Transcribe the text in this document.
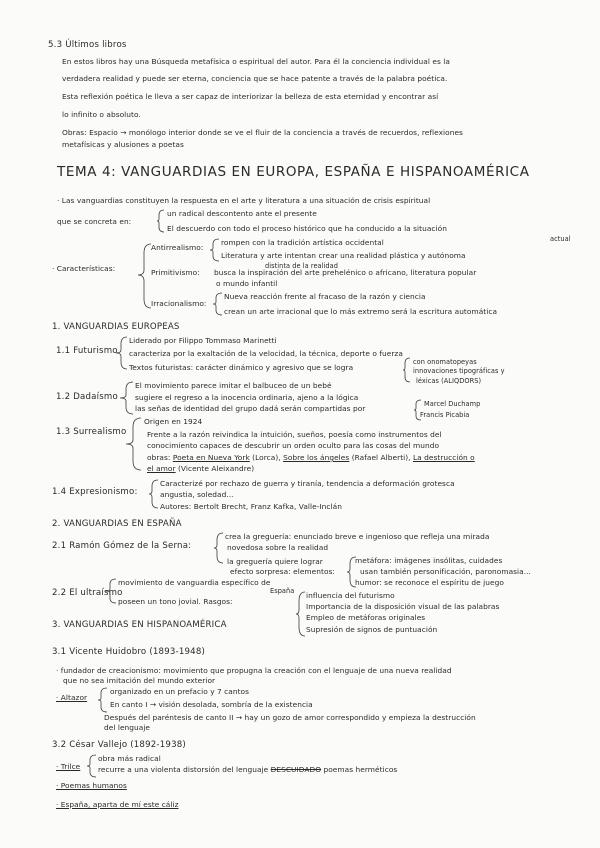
5.3 Últimos libros
En estos libros hay una Búsqueda metafísica o espiritual del autor. Para él la conciencia individual es la
verdadera realidad y puede ser eterna, conciencia que se hace patente a través de la palabra poética.
Esta reflexión poética le lleva a ser capaz de interiorizar la belleza de esta eternidad y encontrar así
lo infinito o absoluto.
Obras: Espacio → monólogo interior donde se ve el fluir de la conciencia a través de recuerdos, reflexiones
metafísicas y alusiones a poetas
TEMA 4: VANGUARDIAS EN EUROPA, ESPAÑA E HISPANOAMÉRICA
· Las vanguardias constituyen la respuesta en el arte y literatura a una situación de crisis espiritual
que se concreta en:
un radical descontento ante el presente
El descuerdo con todo el proceso histórico que ha conducido a la situación
actual
· Características:
Antirrealismo:
rompen con la tradición artística occidental
Literatura y arte intentan crear una realidad plástica y autónoma
distinta de la realidad
Primitivismo: busca la inspiración del arte prehelénico o africano, literatura popular
o mundo infantil
Irracionalismo:
Nueva reacción frente al fracaso de la razón y ciencia
crean un arte irracional que lo más extremo será la escritura automática
1. VANGUARDIAS EUROPEAS
Liderado por Filippo Tommaso Marinetti
1.1 Futurismo caracteriza por la exaltación de la velocidad, la técnica, deporte o fuerza
Textos futuristas: carácter dinámico y agresivo que se logra
con onomatopeyas
innovaciones tipográficas y
léxicas (ALIQDORS)
El movimiento parece imitar el balbuceo de un bebé
1.2 Dadaísmo sugiere el regreso a la inocencia ordinaria, ajeno a la lógica
las señas de identidad del grupo dadá serán compartidas por	Marcel Duchamp
Francis Picabia
Origen en 1924
1.3 Surrealismo	Frente a la razón reivindica la intuición, sueños, poesía como instrumentos del
conocimiento capaces de descubrir un orden oculto para las cosas del mundo
obras: Poeta en Nueva York (Lorca), Sobre los ángeles (Rafael Alberti), La destrucción o
el amor (Vicente Aleixandre)
1.4 Expresionismo:
Caracterizé por rechazo de guerra y tiranía, tendencia a deformación grotesca
angustia, soledad...
Autores: Bertolt Brecht, Franz Kafka, Valle-Inclán
2. VANGUARDIAS EN ESPAÑA
2.1 Ramón Gómez de la Serna:
crea la greguería: enunciado breve e ingenioso que refleja una mirada
novedosa sobre la realidad
la greguería quiere lograr
efecto sorpresa: elementos:
metáfora: imágenes insólitas, cuidades
usan también personificación, paronomasia...
humor: se reconoce el espíritu de juego
2.2 El ultraísmo
movimiento de vanguardia específico de
España
poseen un tono jovial. Rasgos:
influencia del futurismo
Importancia de la disposición visual de las palabras
Empleo de metáforas originales
Supresión de signos de puntuación
3. VANGUARDIAS EN HISPANOAMÉRICA
3.1 Vicente Huidobro (1893-1948)
· fundador de creacionismo: movimiento que propugna la creación con el lenguaje de una nueva realidad
que no sea imitación del mundo exterior
· Altazor
organizado en un prefacio y 7 cantos
En canto I → visión desolada, sombría de la existencia
Después del paréntesis de canto II → hay un gozo de amor correspondido y empieza la destrucción
del lenguaje
3.2 César Vallejo (1892-1938)
· Trilce
obra más radical
recurre a una violenta distorsión del lenguaje DESCUIDADO poemas herméticos
· Poemas humanos
· España, aparta de mí este cáliz
